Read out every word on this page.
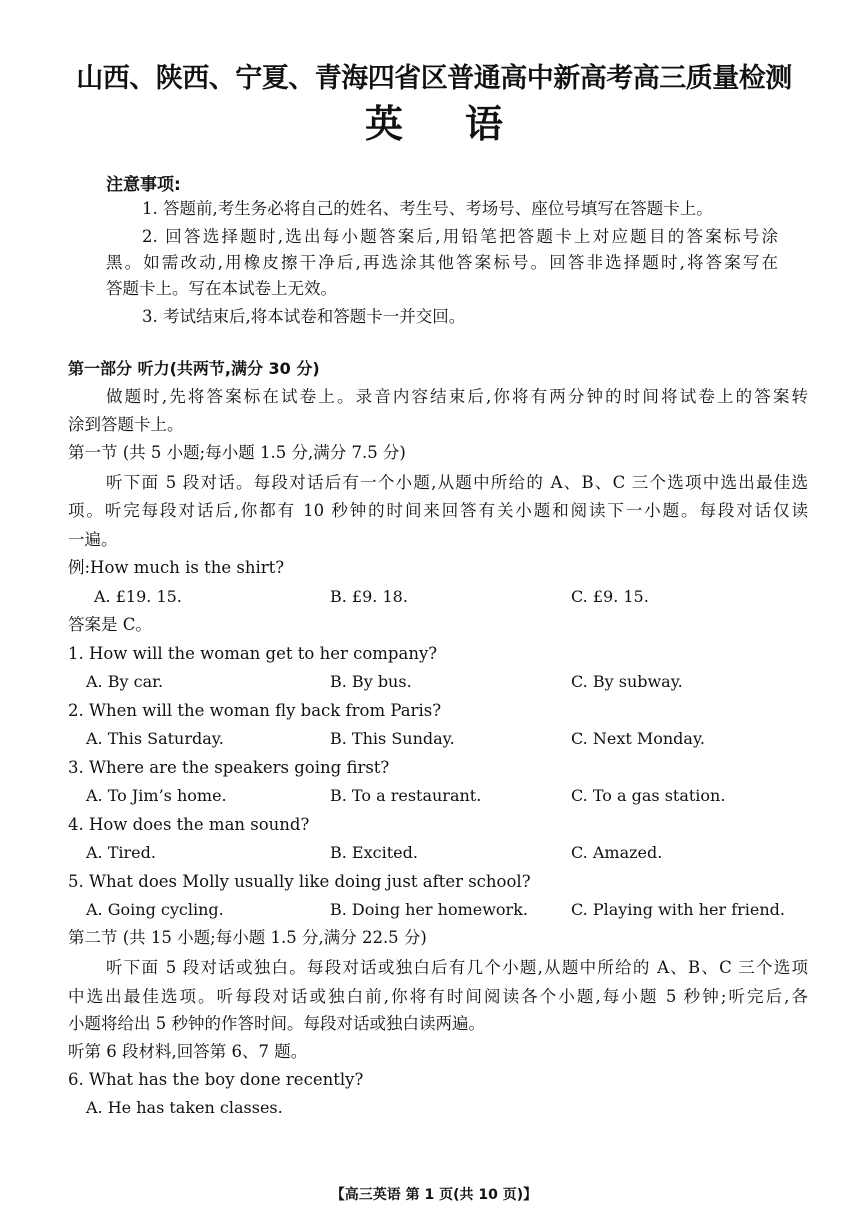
山西、陕西、宁夏、青海四省区普通高中新高考高三质量检测
英语
注意事项:
1. 答题前,考生务必将自己的姓名、考生号、考场号、座位号填写在答题卡上。
2. 回答选择题时,选出每小题答案后,用铅笔把答题卡上对应题目的答案标号涂
黑。如需改动,用橡皮擦干净后,再选涂其他答案标号。回答非选择题时,将答案写在
答题卡上。写在本试卷上无效。
3. 考试结束后,将本试卷和答题卡一并交回。
第一部分 听力(共两节,满分 30 分)
做题时,先将答案标在试卷上。录音内容结束后,你将有两分钟的时间将试卷上的答案转
涂到答题卡上。
第一节 (共 5 小题;每小题 1.5 分,满分 7.5 分)
听下面 5 段对话。每段对话后有一个小题,从题中所给的 A、B、C 三个选项中选出最佳选
项。听完每段对话后,你都有 10 秒钟的时间来回答有关小题和阅读下一小题。每段对话仅读
一遍。
例:How much is the shirt?
A. £19. 15.	B. £9. 18.	C. £9. 15.
答案是 C。
1. How will the woman get to her company?
A. By car.	B. By bus.	C. By subway.
2. When will the woman fly back from Paris?
A. This Saturday.	B. This Sunday.	C. Next Monday.
3. Where are the speakers going first?
A. To Jim’s home.	B. To a restaurant.	C. To a gas station.
4. How does the man sound?
A. Tired.	B. Excited.	C. Amazed.
5. What does Molly usually like doing just after school?
A. Going cycling.	B. Doing her homework.	C. Playing with her friend.
第二节 (共 15 小题;每小题 1.5 分,满分 22.5 分)
听下面 5 段对话或独白。每段对话或独白后有几个小题,从题中所给的 A、B、C 三个选项
中选出最佳选项。听每段对话或独白前,你将有时间阅读各个小题,每小题 5 秒钟;听完后,各
小题将给出 5 秒钟的作答时间。每段对话或独白读两遍。
听第 6 段材料,回答第 6、7 题。
6. What has the boy done recently?
A. He has taken classes.
【高三英语 第 1 页(共 10 页)】
